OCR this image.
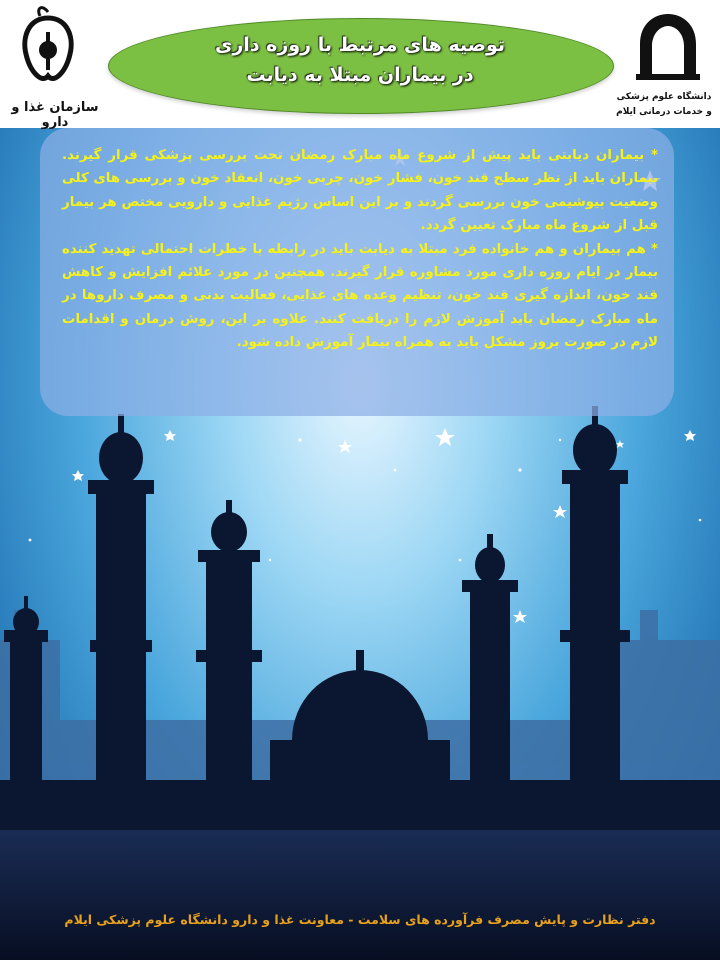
سازمان غذا و دارو
دانشگاه علوم پزشکی
و خدمات درمانی ایلام
توصیه های مرتبط با روزه داری
در بیماران مبتلا به دیابت

* بیماران دیابتی باید پیش از شروع ماه مبارک رمضان تحت بررسی پزشکی قرار گیرند. بیماران باید از نظر سطح قند خون، فشار خون، چربی خون، انعقاد خون و بررسی های کلی وضعیت بیوشیمی خون بررسی گردند و بر این اساس رژیم غذایی و دارویی مختص هر بیمار قبل از شروع ماه مبارک تعیین گردد.

* هم بیماران و هم خانواده فرد مبتلا به دیابت باید در رابطه با خطرات احتمالی تهدید کننده بیمار در ایام روزه داری مورد مشاوره قرار گیرند. همچنین در مورد علائم افزایش و کاهش قند خون، اندازه گیری قند خون، تنظیم وعده های غذایی، فعالیت بدنی و مصرف داروها در ماه مبارک رمضان باید آموزش لازم را دریافت کنند. علاوه بر این، روش درمان و اقدامات لازم در صورت بروز مشکل باید به همراه بیمار آموزش داده شود.

دفتر نظارت و پایش مصرف فرآورده های سلامت - معاونت غذا و دارو دانشگاه علوم پزشکی ایلام
